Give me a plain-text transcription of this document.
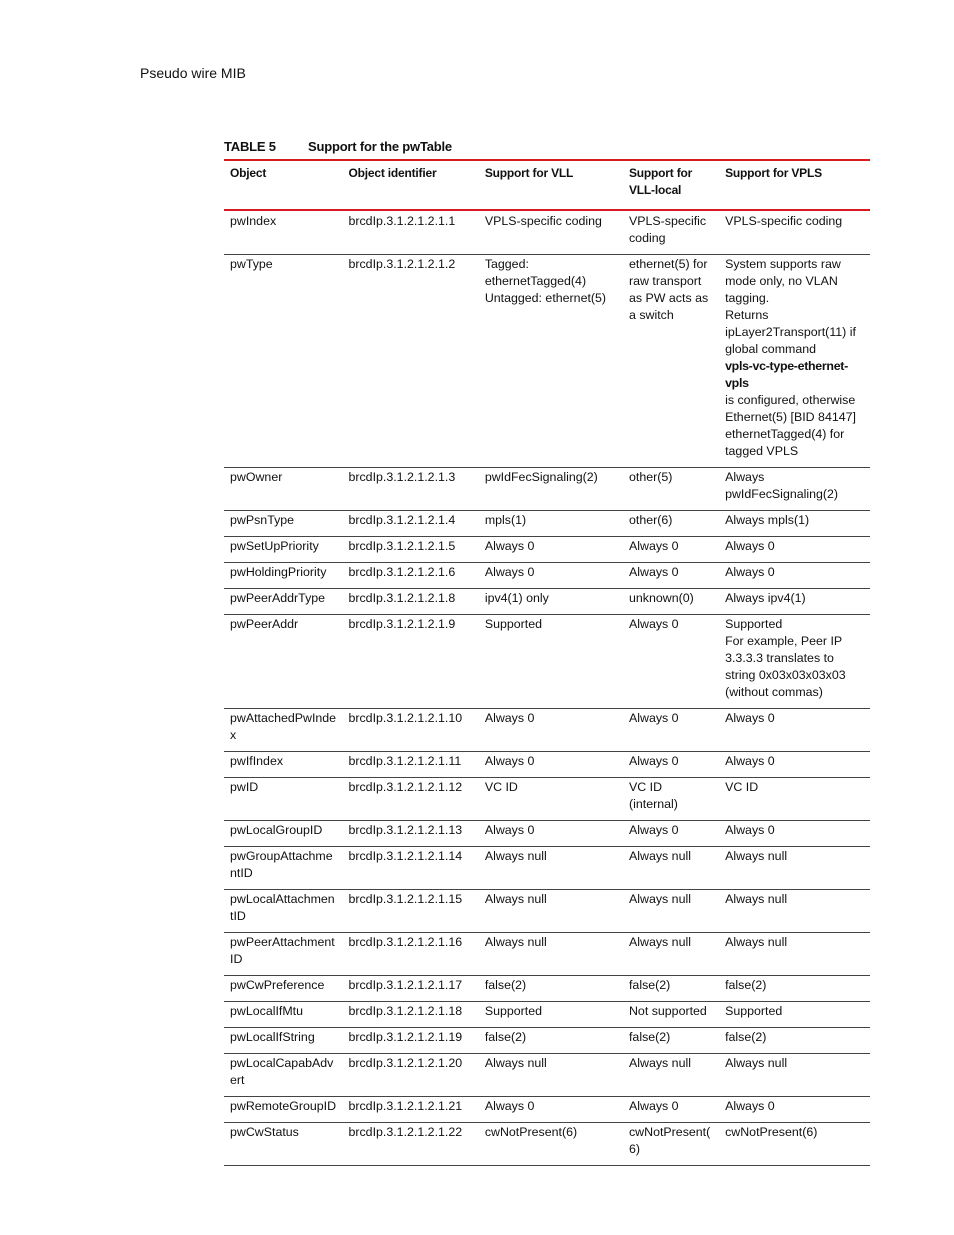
Pseudo wire MIB
TABLE 5 Support for the pwTable
Object	Object identifier	Support for VLL	Support for VLL-local	Support for VPLS
pwIndex	brcdIp.3.1.2.1.2.1.1	VPLS-specific coding	VPLS-specific coding	VPLS-specific coding
pwType	brcdIp.3.1.2.1.2.1.2	Tagged: ethernetTagged(4) Untagged: ethernet(5)	ethernet(5) for raw transport as PW acts as a switch	System supports raw mode only, no VLAN tagging.
Returns ipLayer2Transport(11) if global command
vpls-vc-type-ethernet-vpls
is configured, otherwise Ethernet(5) [BID 84147] ethernetTagged(4) for tagged VPLS

pwOwner	brcdIp.3.1.2.1.2.1.3	pwIdFecSignaling(2)	other(5)	Always pwIdFecSignaling(2)
pwPsnType	brcdIp.3.1.2.1.2.1.4	mpls(1)	other(6)	Always mpls(1)
pwSetUpPriority	brcdIp.3.1.2.1.2.1.5	Always 0	Always 0	Always 0
pwHoldingPriority	brcdIp.3.1.2.1.2.1.6	Always 0	Always 0	Always 0
pwPeerAddrType	brcdIp.3.1.2.1.2.1.8	ipv4(1) only	unknown(0)	Always ipv4(1)
pwPeerAddr	brcdIp.3.1.2.1.2.1.9	Supported	Always 0	Supported
For example, Peer IP 3.3.3.3 translates to string 0x03x03x03x03 (without commas)

pwAttachedPwIndex	brcdIp.3.1.2.1.2.1.10	Always 0	Always 0	Always 0
pwIfIndex	brcdIp.3.1.2.1.2.1.11	Always 0	Always 0	Always 0
pwID	brcdIp.3.1.2.1.2.1.12	VC ID	VC ID (internal)	VC ID
pwLocalGroupID	brcdIp.3.1.2.1.2.1.13	Always 0	Always 0	Always 0
pwGroupAttachmentID	brcdIp.3.1.2.1.2.1.14	Always null	Always null	Always null
pwLocalAttachmentID	brcdIp.3.1.2.1.2.1.15	Always null	Always null	Always null
pwPeerAttachmentID	brcdIp.3.1.2.1.2.1.16	Always null	Always null	Always null
pwCwPreference	brcdIp.3.1.2.1.2.1.17	false(2)	false(2)	false(2)
pwLocalIfMtu	brcdIp.3.1.2.1.2.1.18	Supported	Not supported	Supported
pwLocalIfString	brcdIp.3.1.2.1.2.1.19	false(2)	false(2)	false(2)
pwLocalCapabAdvert	brcdIp.3.1.2.1.2.1.20	Always null	Always null	Always null
pwRemoteGroupID	brcdIp.3.1.2.1.2.1.21	Always 0	Always 0	Always 0
pwCwStatus	brcdIp.3.1.2.1.2.1.22	cwNotPresent(6)	cwNotPresent(6)	cwNotPresent(6)
